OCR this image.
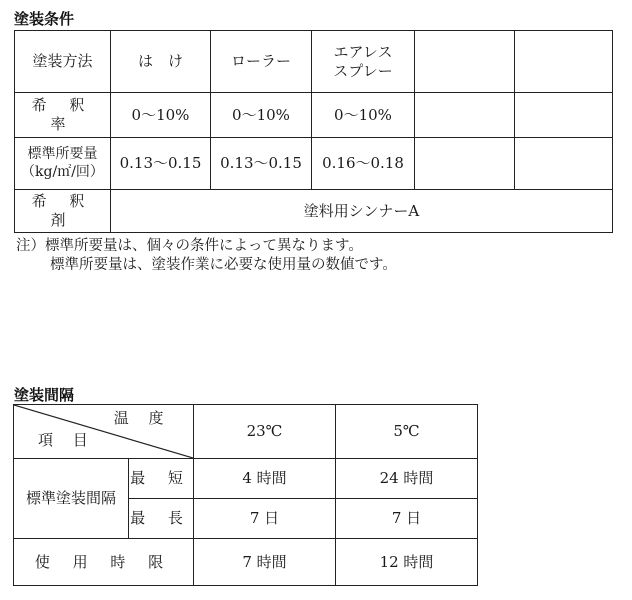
塗装条件
塗装方法	は　け	ローラー	エアレス
スプレー		
希 釈 率	0～10%	0～10%	0～10%		
標準所要量
（kg/㎡/回）	0.13～0.15	0.13～0.15	0.16～0.18		
希 釈 剤	塗料用シンナーA				
注）標準所要量は、個々の条件によって異なります。
標準所要量は、塗装作業に必要な使用量の数値です。
塗装間隔
温 度
項 目		23℃	5℃
標準塗装間隔	最 短	4 時間	24 時間
	最 長	7 日	7 日
使 用 時 限		7 時間	12 時間
